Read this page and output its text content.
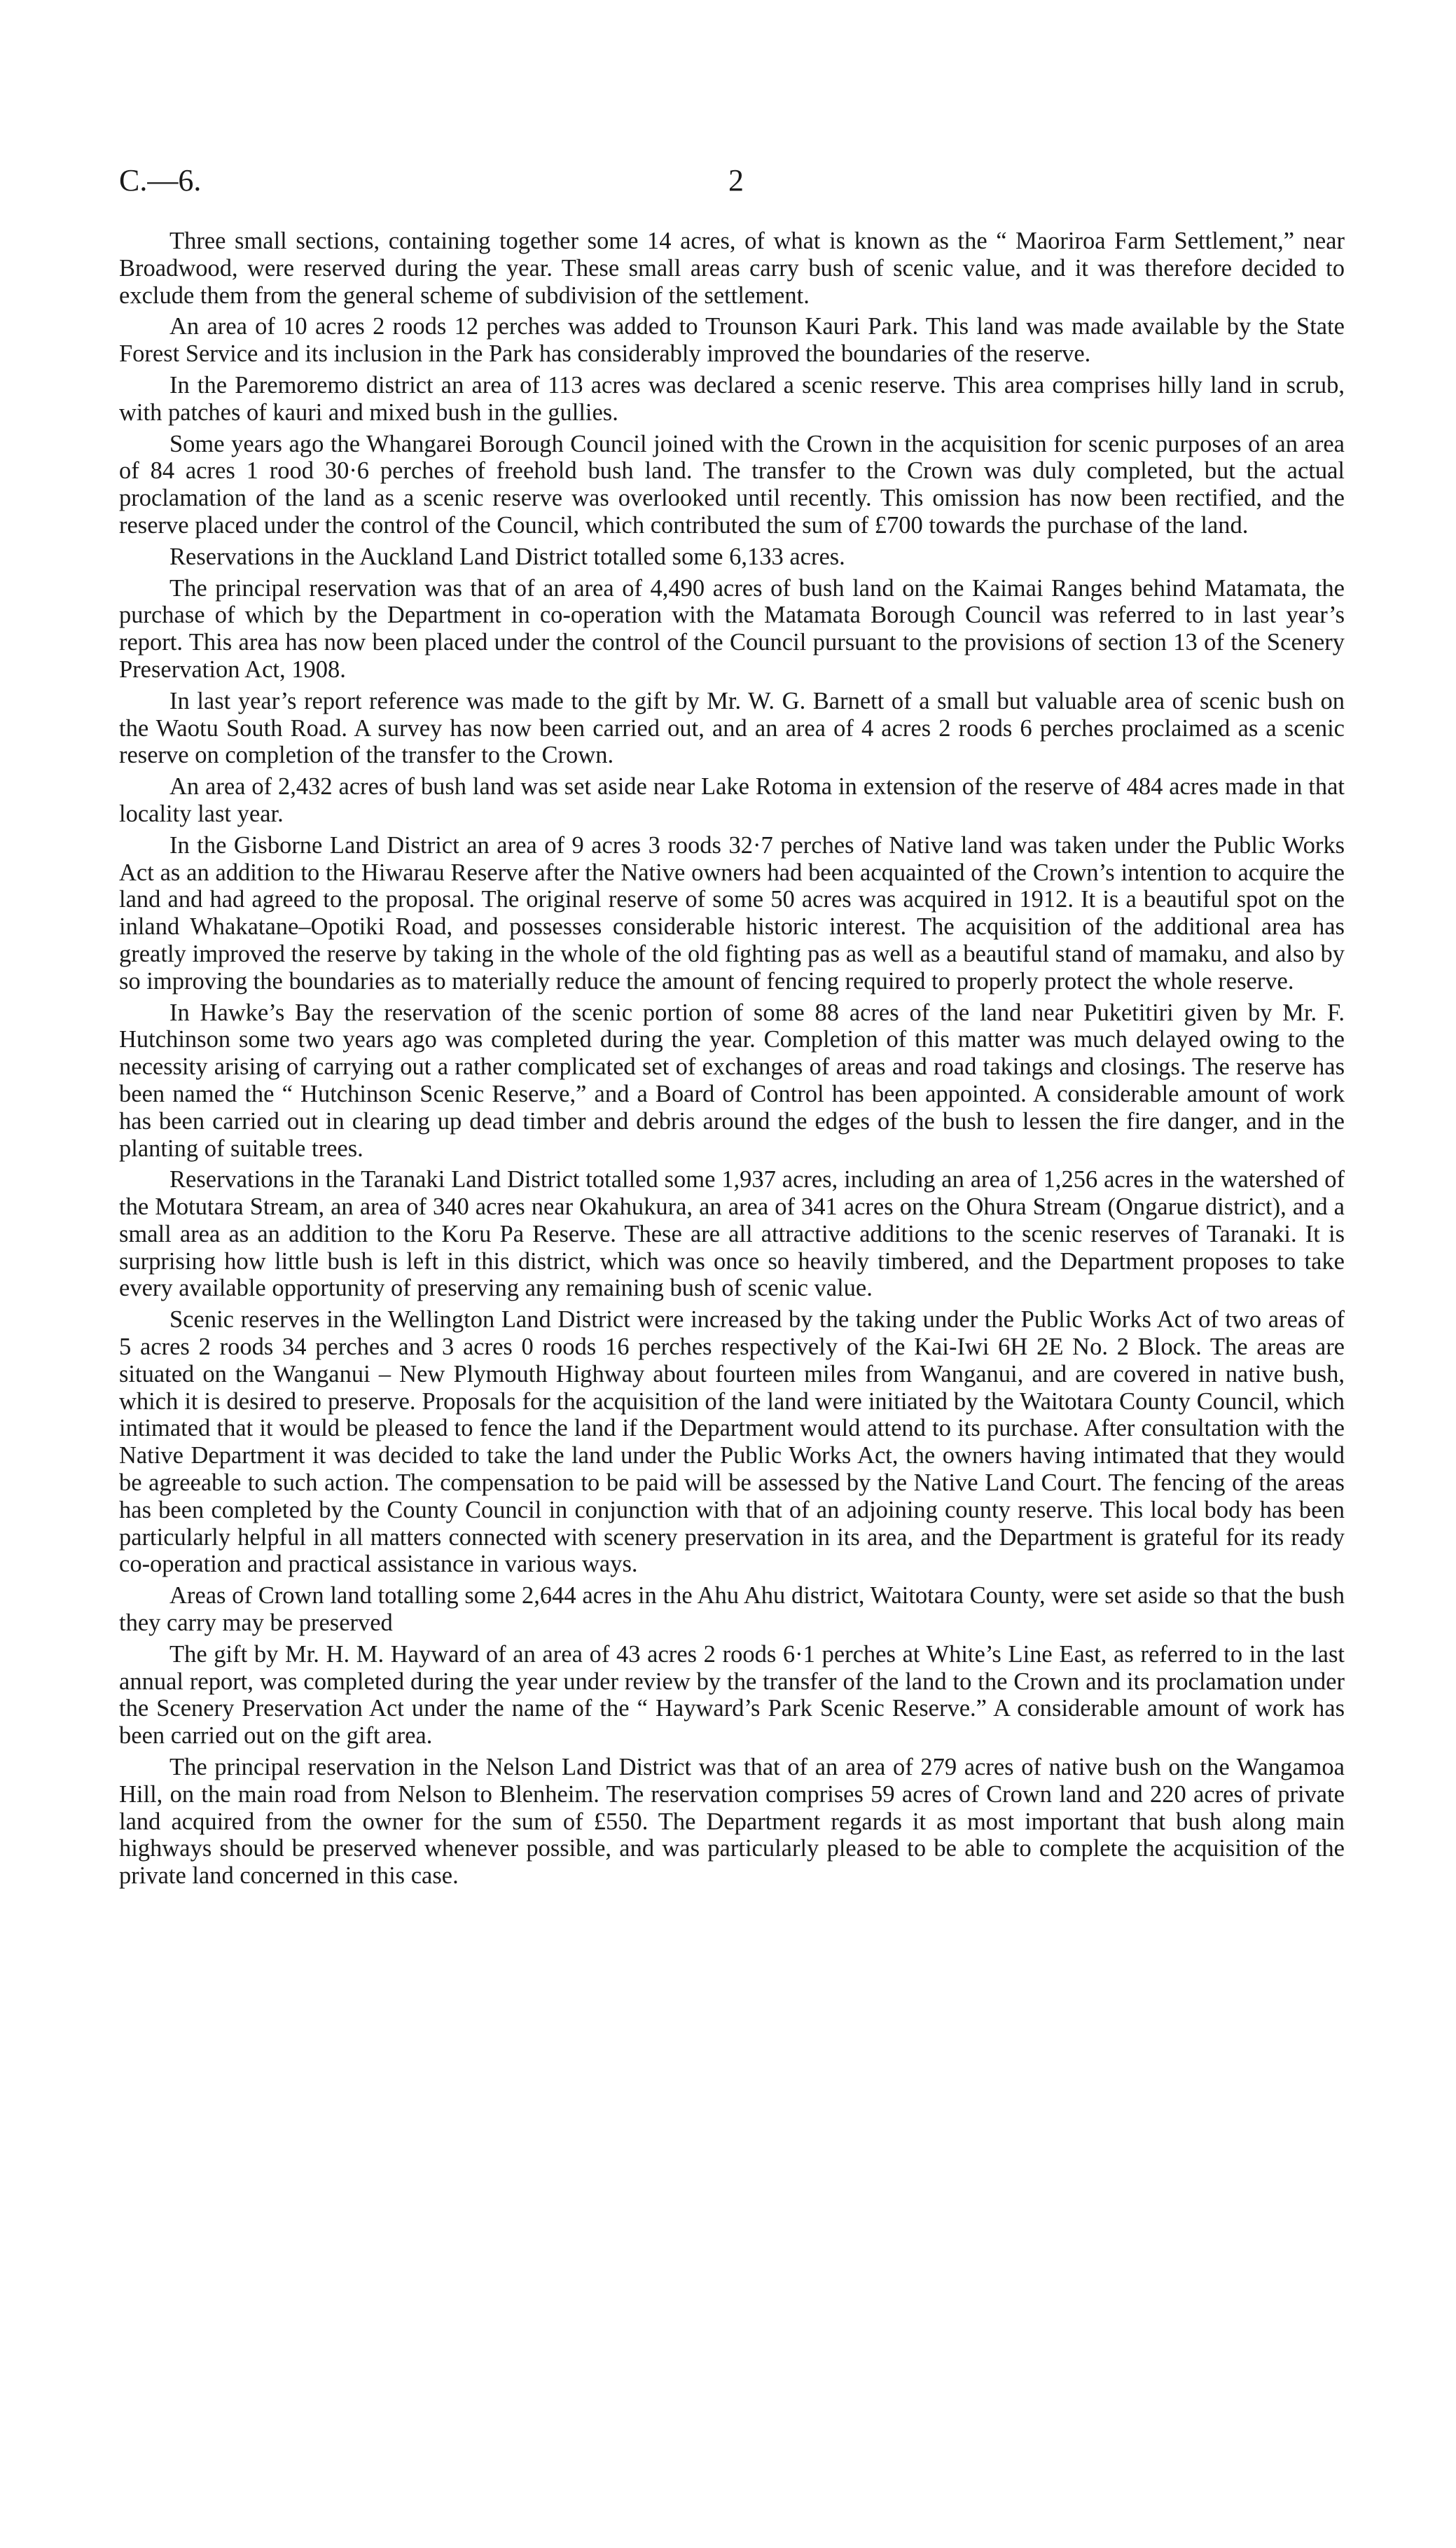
C.—6.	2

Three small sections, containing together some 14 acres, of what is known as the “ Maoriroa Farm Settlement,” near Broadwood, were reserved during the year. These small areas carry bush of scenic value, and it was therefore decided to exclude them from the general scheme of subdivision of the settlement.

An area of 10 acres 2 roods 12 perches was added to Trounson Kauri Park. This land was made available by the State Forest Service and its inclusion in the Park has considerably improved the boundaries of the reserve.

In the Paremoremo district an area of 113 acres was declared a scenic reserve. This area comprises hilly land in scrub, with patches of kauri and mixed bush in the gullies.

Some years ago the Whangarei Borough Council joined with the Crown in the acquisition for scenic purposes of an area of 84 acres 1 rood 30·6 perches of freehold bush land. The transfer to the Crown was duly completed, but the actual proclamation of the land as a scenic reserve was overlooked until recently. This omission has now been rectified, and the reserve placed under the control of the Council, which contributed the sum of £700 towards the purchase of the land.

Reservations in the Auckland Land District totalled some 6,133 acres.

The principal reservation was that of an area of 4,490 acres of bush land on the Kaimai Ranges behind Matamata, the purchase of which by the Department in co-operation with the Matamata Borough Council was referred to in last year’s report. This area has now been placed under the control of the Council pursuant to the provisions of section 13 of the Scenery Preservation Act, 1908.

In last year’s report reference was made to the gift by Mr. W. G. Barnett of a small but valuable area of scenic bush on the Waotu South Road. A survey has now been carried out, and an area of 4 acres 2 roods 6 perches proclaimed as a scenic reserve on completion of the transfer to the Crown.

An area of 2,432 acres of bush land was set aside near Lake Rotoma in extension of the reserve of 484 acres made in that locality last year.

In the Gisborne Land District an area of 9 acres 3 roods 32·7 perches of Native land was taken under the Public Works Act as an addition to the Hiwarau Reserve after the Native owners had been acquainted of the Crown’s intention to acquire the land and had agreed to the proposal. The original reserve of some 50 acres was acquired in 1912. It is a beautiful spot on the inland Whakatane–Opotiki Road, and possesses considerable historic interest. The acquisition of the additional area has greatly improved the reserve by taking in the whole of the old fighting pas as well as a beautiful stand of mamaku, and also by so improving the boundaries as to materially reduce the amount of fencing required to properly protect the whole reserve.

In Hawke’s Bay the reservation of the scenic portion of some 88 acres of the land near Puketitiri given by Mr. F. Hutchinson some two years ago was completed during the year. Completion of this matter was much delayed owing to the necessity arising of carrying out a rather complicated set of exchanges of areas and road takings and closings. The reserve has been named the “ Hutchinson Scenic Reserve,” and a Board of Control has been appointed. A considerable amount of work has been carried out in clearing up dead timber and debris around the edges of the bush to lessen the fire danger, and in the planting of suitable trees.

Reservations in the Taranaki Land District totalled some 1,937 acres, including an area of 1,256 acres in the watershed of the Motutara Stream, an area of 340 acres near Okahukura, an area of 341 acres on the Ohura Stream (Ongarue district), and a small area as an addition to the Koru Pa Reserve. These are all attractive additions to the scenic reserves of Taranaki. It is surprising how little bush is left in this district, which was once so heavily timbered, and the Department proposes to take every available opportunity of preserving any remaining bush of scenic value.

Scenic reserves in the Wellington Land District were increased by the taking under the Public Works Act of two areas of 5 acres 2 roods 34 perches and 3 acres 0 roods 16 perches respectively of the Kai-Iwi 6H 2E No. 2 Block. The areas are situated on the Wanganui – New Plymouth Highway about fourteen miles from Wanganui, and are covered in native bush, which it is desired to preserve. Proposals for the acquisition of the land were initiated by the Waitotara County Council, which intimated that it would be pleased to fence the land if the Department would attend to its purchase. After consultation with the Native Department it was decided to take the land under the Public Works Act, the owners having intimated that they would be agreeable to such action. The compensation to be paid will be assessed by the Native Land Court. The fencing of the areas has been completed by the County Council in conjunction with that of an adjoining county reserve. This local body has been particularly helpful in all matters connected with scenery preservation in its area, and the Department is grateful for its ready co-operation and practical assistance in various ways.

Areas of Crown land totalling some 2,644 acres in the Ahu Ahu district, Waitotara County, were set aside so that the bush they carry may be preserved

The gift by Mr. H. M. Hayward of an area of 43 acres 2 roods 6·1 perches at White’s Line East, as referred to in the last annual report, was completed during the year under review by the transfer of the land to the Crown and its proclamation under the Scenery Preservation Act under the name of the “ Hayward’s Park Scenic Reserve.” A considerable amount of work has been carried out on the gift area.

The principal reservation in the Nelson Land District was that of an area of 279 acres of native bush on the Wangamoa Hill, on the main road from Nelson to Blenheim. The reservation comprises 59 acres of Crown land and 220 acres of private land acquired from the owner for the sum of £550. The Department regards it as most important that bush along main highways should be preserved whenever possible, and was particularly pleased to be able to complete the acquisition of the private land concerned in this case.
